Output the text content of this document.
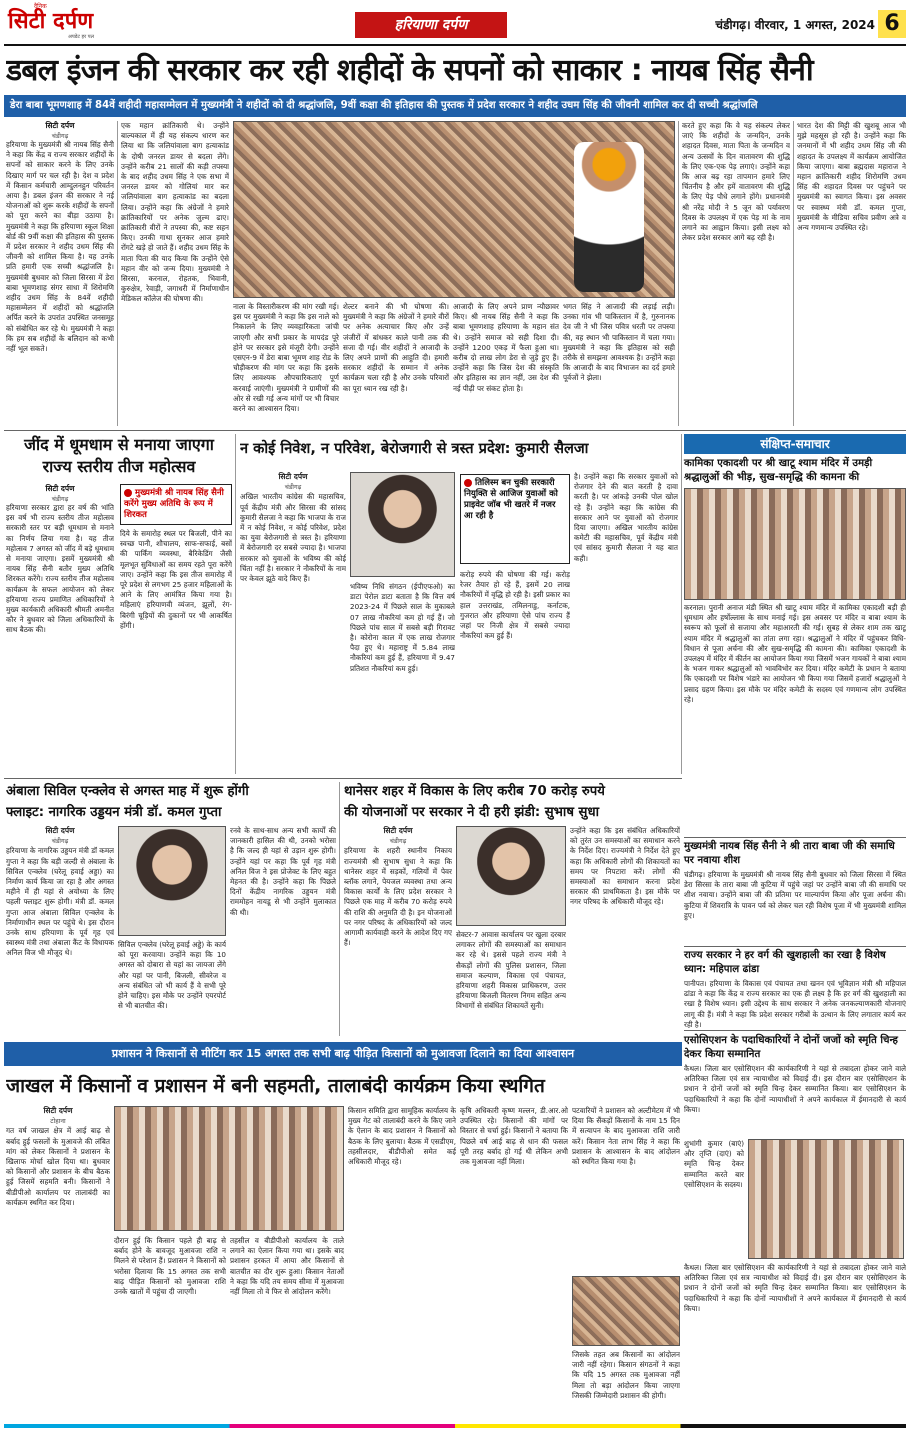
दैनिक
सिटी दर्पण
अपडेट हर पल
हरियाणा दर्पण	चंडीगढ़। वीरवार, 1 अगस्त, 2024 6
डबल इंजन की सरकार कर रही शहीदों के सपनों को साकार : नायब सिंह सैनी
डेरा बाबा भूमणशाह में 84वें शहीदी महासम्मेलन में मुख्यमंत्री ने शहीदों को दी श्रद्धांजलि, 9वीं कक्षा की इतिहास की पुस्तक में प्रदेश सरकार ने शहीद उधम सिंह की जीवनी शामिल कर दी सच्ची श्रद्धांजलि
सिटी दर्पण
चंडीगढ़
हरियाणा के मुख्यमंत्री श्री नायब सिंह सैनी ने कहा कि केंद्र व राज्य सरकार शहीदों के सपनों को साकार करने के लिए उनके दिखाए मार्ग पर चल रही है। देश व प्रदेश में किसान कर्मचारी आम्दुलनहुन परिवर्तन आया है। डबल इंजन की सरकार ने नई योजनाओं को शुरू करके शहीदों के सपनों को पूरा करने का बीड़ा उठाया है। मुख्यमंत्री ने कहा कि हरियाणा स्कूल शिक्षा बोर्ड की 9वीं कक्षा की इतिहास की पुस्तक में प्रदेश सरकार ने शहीद उधम सिंह की जीवनी को शामिल किया है। यह उनके प्रति हमारी एक सच्ची श्रद्धांजलि है। मुख्यमंत्री बुधवार को जिला सिरसा में डेरा बाबा भूमणशाह संगर साधा में शिरोमणि शहीद उधम सिंह के 84वें शहीदी महासम्मेलन में शहीदों को श्रद्धांजलि अर्पित करने के उपरांत उपस्थित जनसमूह को संबोधित कर रहे थे। मुख्यमंत्री ने कहा कि हम सब शहीदों के बलिदान को कभी नहीं भूल सकते।
एक महान क्रांतिकारी थे। उन्होंने बाल्यकाल में ही यह संकल्प धारण कर लिया था कि जलियांवाला बाग हत्याकांड के दोषी जनरल डायर से बदला लेंगे। उन्होंने करीब 21 सालों की कड़ी तपस्या के बाद शहीद उधम सिंह ने एक सभा में जनरल डायर को गोलियां मार कर जलियांवाला बाग हत्याकांड का बदला लिया। उन्होंने कहा कि अंग्रेजों ने हमारे क्रांतिकारियों पर अनेक जुल्म ढाए। क्रांतिकारी वीरों ने तपस्या की, कष्ट सहन किए। उनकी गाथा सुनकर आज हमारे रोंगटे खड़े हो जाते हैं। शहीद उधम सिंह के माता पिता की याद किया कि उन्होंने ऐसे महान वीर को जन्म दिया। मुख्यमंत्री ने सिरसा, करनाल, रोहतक, भिवानी, कुरुक्षेत्र, रेवाड़ी, जगाधरी में निर्माणाधीन मेडिकल कॉलेज की घोषणा की।
नाला के विस्तारीकरण की मांग रखी गई। इस पर मुख्यमंत्री ने कहा कि इस नाले को निकालने के लिए व्यवहारिकता जांची जाएगी और सभी प्रकार के मापदंड पूरे होने पर सरकार इसे मंजूरी देगी। उन्होंने एसएन-9 में डेरा बाबा भूमण शाह रोड के चौड़ीकरण की मांग पर कहा कि इसके लिए आवश्यक औपचारिकताएं पूर्ण करवाई जाएंगी। मुख्यमंत्री ने ग्रामीणों की ओर से रखी गई अन्य मांगों पर भी विचार करने का आश्वासन दिया।
शेल्टर बनाने की भी घोषणा की। मुख्यमंत्री ने कहा कि अंग्रेजों ने हमारे वीरों पर अनेक अत्याचार किए और उन्हें जंजीरों में बांधकर काले पानी तक की सजा दी गई। वीर शहीदों ने आजादी के लिए अपने प्राणों की आहुति दी। हमारी सरकार शहीदों के सम्मान में अनेक कार्यक्रम चला रही है और उनके परिवारों का पूरा ध्यान रख रही है।
आजादी के लिए अपने प्राण न्यौछावर किए। श्री नायब सिंह सैनी ने कहा कि बाबा भूमणशाह हरियाणा के महान संत थे। उन्होंने समाज को सही दिशा दी। उन्होंने 1200 एकड़ में फैला हुआ था। करीब दो लाख लोग डेरा से जुड़े हुए हैं। उन्होंने कहा कि जिस देश की संस्कृति और इतिहास का ज्ञान नहीं, उस देश की नई पीढ़ी पर संकट होता है।
भगत सिंह ने आजादी की लड़ाई लड़ी। उनका गांव भी पाकिस्तान में है, गुरुनानक देव जी ने भी जिस पवित्र धरती पर तपस्या की, वह स्थान भी पाकिस्तान में चला गया। मुख्यमंत्री ने कहा कि इतिहास को सही तरीके से समझना आवश्यक है। उन्होंने कहा कि आजादी के बाद विभाजन का दर्द हमारे पूर्वजों ने झेला।
करते हुए कहा कि वे यह संकल्प लेकर जाएं कि शहीदों के जन्मदिन, उनके शहादत दिवस, माता पिता के जन्मदिन व अन्य उत्सवों के दिन वातावरण की शुद्धि के लिए एक-एक पेड़ लगाएं। उन्होंने कहा कि आज बढ़ रहा तापमान हमारे लिए चिंतनीय है और हमें वातावरण की शुद्धि के लिए पेड़ पौधे लगाने होंगे। प्रधानमंत्री श्री नरेंद्र मोदी ने 5 जून को पर्यावरण दिवस के उपलक्ष्य में एक पेड़ मां के नाम लगाने का आह्वान किया। इसी लक्ष्य को लेकर प्रदेश सरकार आगे बढ़ रही है।
भारत देश की मिट्टी की खुशबू आज भी मुझे महसूस हो रही है। उन्होंने कहा कि जनमानों में भी शहीद उधम सिंह जी की शहादत के उपलक्ष्य में कार्यक्रम आयोजित किया जाएगा। बाबा ब्रह्मदास महाराज ने महान क्रांतिकारी शहीद शिरोमणि उधम सिंह की शहादत दिवस पर पहुंचने पर मुख्यमंत्री का स्वागत किया। इस अवसर पर स्वास्थ्य मंत्री डॉ. कमल गुप्ता, मुख्यमंत्री के मीडिया सचिव प्रवीण अत्रे व अन्य गणमान्य उपस्थित रहे।
जींद में धूमधाम से मनाया जाएगा
राज्य स्तरीय तीज महोत्सव
सिटी दर्पण
चंडीगढ़
हरियाणा सरकार द्वारा हर वर्ष की भांति इस वर्ष भी राज्य स्तरीय तीज महोत्सव सरकारी स्तर पर बड़ी धूमधाम से मनाने का निर्णय लिया गया है। यह तीज महोत्सव 7 अगस्त को जींद में बड़े धूमधाम से मनाया जाएगा। इसमें मुख्यमंत्री श्री नायब सिंह सैनी बतौर मुख्य अतिथि शिरकत करेंगे। राज्य स्तरीय तीज महोत्सव कार्यक्रम के सफल आयोजन को लेकर हरियाणा राज्य प्रमाणित अधिकारियों ने मुख्य कार्यकारी अधिकारी श्रीमती अमनीत कौर ने बुधवार को जिला अधिकारियों के साथ बैठक की।
मुख्यमंत्री श्री नायब सिंह सैनी करेंगे मुख्य अतिथि के रूप में शिरकत
दिये के समारोह स्थल पर बिजली, पीने का स्वच्छ पानी, शौचालय, साफ-सफाई, बसों की पार्किंग व्यवस्था, बैरिकेडिंग जैसी मूलभूत सुविधाओं का समय रहते पूरा करेंगे जाए। उन्होंने कहा कि इस तीज समारोह में पूरे प्रदेश से लगभग 25 हजार महिलाओं के आने के लिए आमंत्रित किया गया है। महिलाएं हरियाणवी व्यंजन, झूलों, रंग-बिरंगी चूड़ियों की दुकानों पर भी आकर्षित होंगी।
न कोई निवेश, न परिवेश, बेरोजगारी से त्रस्त प्रदेश: कुमारी सैलजा
सिटी दर्पण
चंडीगढ़
अखिल भारतीय कांग्रेस की महासचिव, पूर्व केंद्रीय मंत्री और सिरसा की सांसद कुमारी सैलजा ने कहा कि भाजपा के राज में न कोई निवेश, न कोई परिवेश, प्रदेश का युवा बेरोजगारी से त्रस्त है। हरियाणा में बेरोजगारी दर सबसे ज्यादा है। भाजपा सरकार को युवाओं के भविष्य की कोई चिंता नहीं है। सरकार ने नौकरियों के नाम पर केवल झूठे वादे किए हैं।
भविष्य निधि संगठन (ईपीएफओ) का डाटा पेरोल डाटा बताता है कि वित्त वर्ष 2023-24 में पिछले साल के मुकाबले 07 लाख नौकरियां कम हो गई हैं। जो पिछले पांच साल में सबसे बड़ी गिरावट है। कोरोना काल में एक लाख रोजगार पैदा हुए थे। महाराष्ट्र में 5.84 लाख नौकरियां कम हुई हैं, हरियाणा में 9.47 प्रतिशत नौकरियां कम हुई।
तिलिस्म बन चुकी सरकारी नियुक्ति से आजिज युवाओं को प्राइवेट जॉब भी खतरे में नजर आ रही है
करोड़ रुपये की घोषणा की गई। करोड़ रेजर तैयार हो रहे हैं, इसमें 20 लाख नौकरियों में वृद्धि हो रही है। इसी प्रकार का हाल उत्तराखंड, तमिलनाडु, कर्नाटक, गुजरात और हरियाणा ऐसे पांच राज्य हैं जहां पर निजी क्षेत्र में सबसे ज्यादा नौकरियां कम हुई हैं।
है। उन्होंने कहा कि सरकार युवाओं को रोजगार देने की बात करती है दावा करती है। पर आंकड़े उनकी पोल खोल रहे हैं। उन्होंने कहा कि कांग्रेस की सरकार आने पर युवाओं को रोजगार दिया जाएगा। अखिल भारतीय कांग्रेस कमेटी की महासचिव, पूर्व केंद्रीय मंत्री एवं सांसद कुमारी सैलजा ने यह बात कही।
संक्षिप्त-समाचार
कामिका एकादशी पर श्री खाटू श्याम मंदिर में उमड़ी श्रद्धालुओं की भीड़, सुख-समृद्धि की कामना की
करनाल। पुरानी अनाज मंडी स्थित श्री खाटू श्याम मंदिर में कामिका एकादशी बड़ी ही धूमधाम और हर्षोल्लास के साथ मनाई गई। इस अवसर पर मंदिर व बाबा श्याम के स्वरूप को फूलों से सजाया और महाआरती की गई। सुबह से लेकर शाम तक खाटू श्याम मंदिर में श्रद्धालुओं का तांता लगा रहा। श्रद्धालुओं ने मंदिर में पहुंचकर विधि-विधान से पूजा अर्चना की और सुख-समृद्धि की कामना की। कामिका एकादशी के उपलक्ष्य में मंदिर में कीर्तन का आयोजन किया गया जिसमें भजन गायकों ने बाबा श्याम के भजन गाकर श्रद्धालुओं को भावविभोर कर दिया। मंदिर कमेटी के प्रधान ने बताया कि एकादशी पर विशेष भंडारे का आयोजन भी किया गया जिसमें हजारों श्रद्धालुओं ने प्रसाद ग्रहण किया। इस मौके पर मंदिर कमेटी के सदस्य एवं गणमान्य लोग उपस्थित रहे।
मुख्यमंत्री नायब सिंह सैनी ने श्री तारा बाबा जी की समाधि पर नवाया शीश
चंडीगढ़। हरियाणा के मुख्यमंत्री श्री नायब सिंह सैनी बुधवार को जिला सिरसा में स्थित डेरा सिरसा के तारा बाबा जी कुटिया में पहुंचे जहां पर उन्होंने बाबा जी की समाधि पर शीश नवाया। उन्होंने बाबा जी की प्रतिमा पर माल्यार्पण किया और पूजा अर्चना की। कुटिया में शिवरात्रि के पावन पर्व को लेकर चल रही विशेष पूजा में भी मुख्यमंत्री शामिल हुए।
राज्य सरकार ने हर वर्ग की खुशहाली का रखा है विशेष ध्यान: महिपाल ढांडा
पानीपत। हरियाणा के विकास एवं पंचायत तथा खनन एवं भूविज्ञान मंत्री श्री महिपाल ढांडा ने कहा कि केंद्र व राज्य सरकार का एक ही लक्ष्य है कि हर वर्ग की खुशहाली का रखा है विशेष ध्यान। इसी उद्देश्य के साथ सरकार ने अनेक जनकल्याणकारी योजनाएं लागू की हैं। मंत्री ने कहा कि प्रदेश सरकार गरीबों के उत्थान के लिए लगातार कार्य कर रही है।
अंबाला सिविल एन्क्लेव से अगस्त माह में शुरू होंगी
फ्लाइट: नागरिक उड्डयन मंत्री डॉ. कमल गुप्ता
सिटी दर्पण
चंडीगढ़
हरियाणा के नागरिक उड्डयन मंत्री डॉ कमल गुप्ता ने कहा कि बड़ी जल्दी से अंबाला के सिविल एन्क्लेव (घरेलू हवाई अड्डा) का निर्माण कार्य किया जा रहा है और अगस्त महीने में ही यहां से अयोध्या के लिए पहली फ्लाइट शुरू होगी। मंत्री डॉ. कमल गुप्ता आज अंबाला सिविल एन्क्लेव के निर्माणाधीन स्थल पर पहुंचे थे। इस दौरान उनके साथ हरियाणा के पूर्व गृह एवं स्वास्थ्य मंत्री तथा अंबाला कैंट के विधायक अनिल विज भी मौजूद थे।
रनवे के साथ-साथ अन्य सभी कार्यों की जानकारी हासिल की थी, उनको भरोसा है कि जल्द ही यहां से उड़ान शुरू होगी। उन्होंने यहां पर कहा कि पूर्व गृह मंत्री अनिल विज ने इस प्रोजेक्ट के लिए बहुत मेहनत की है। उन्होंने कहा कि पिछले दिनों केंद्रीय नागरिक उड्डयन मंत्री राममोहन नायडू से भी उन्होंने मुलाकात की थी।
सिविल एन्क्लेव (घरेलू हवाई अड्डे) के कार्य को पूरा करवाया। उन्होंने कहा कि 10 अगस्त को दोबारा से यहां का जायजा लेंगे और यहां पर पानी, बिजली, सीवरेज व अन्य संबंधित जो भी कार्य हैं वे सभी पूरे होने चाहिए। इस मौके पर उन्होंने एयरपोर्ट से भी बातचीत की।
थानेसर शहर में विकास के लिए करीब 70 करोड़ रुपये
की योजनाओं पर सरकार ने दी हरी झंडी: सुभाष सुधा
सिटी दर्पण
चंडीगढ़
हरियाणा के शहरी स्थानीय निकाय राज्यमंत्री श्री सुभाष सुधा ने कहा कि थानेसर शहर में सड़कों, गलियों में पेवर ब्लॉक लगाने, पेयजल व्यवस्था तथा अन्य विकास कार्यों के लिए प्रदेश सरकार ने पिछले एक माह में करीब 70 करोड़ रुपये की राशि की अनुमति दी है। इन योजनाओं पर नगर परिषद के अधिकारियों को जल्द आगामी कार्यवाही करने के आदेश दिए गए हैं।
सेक्टर-7 आवास कार्यालय पर खुला दरबार लगाकर लोगों की समस्याओं का समाधान कर रहे थे। इससे पहले राज्य मंत्री ने सैकड़ों लोगों की पुलिस प्रशासन, जिला समाज कल्याण, विकास एवं पंचायत, हरियाणा शहरी विकास प्राधिकरण, उत्तर हरियाणा बिजली वितरण निगम सहित अन्य विभागों से संबंधित शिकायतें सुनी।
उन्होंने कहा कि इस संबंधित अधिकारियों को तुरंत उन समस्याओं का समाधान करने के निर्देश दिए। राज्यमंत्री ने निर्देश देते हुए कहा कि अधिकारी लोगों की शिकायतों का समय पर निपटारा करें। लोगों की समस्याओं का समाधान करना प्रदेश सरकार की प्राथमिकता है। इस मौके पर नगर परिषद के अधिकारी मौजूद रहे।
प्रशासन ने किसानों से मीटिंग कर 15 अगस्त तक सभी बाढ़ पीड़ित किसानों को मुआवजा दिलाने का दिया आश्वासन
जाखल में किसानों व प्रशासन में बनी सहमती, तालाबंदी कार्यक्रम किया स्थगित
एसोसिएशन के पदाधिकारियों ने दोनों जजों को स्मृति चिन्ह देकर किया सम्मानित
कैथल। जिला बार एसोसिएशन की कार्यकारिणी ने यहां से तबादला होकर जाने वाले अतिरिक्त जिला एवं सत्र न्यायाधीश को विदाई दी। इस दौरान बार एसोसिएशन के प्रधान ने दोनों जजों को स्मृति चिन्ह देकर सम्मानित किया। बार एसोसिएशन के पदाधिकारियों ने कहा कि दोनों न्यायाधीशों ने अपने कार्यकाल में ईमानदारी से कार्य किया।
शुभांगी कुमार (बाएं) और तृप्ति (दाएं) को स्मृति चिन्ह देकर सम्मानित करते बार एसोसिएशन के सदस्य।
कैथल। जिला बार एसोसिएशन की कार्यकारिणी ने यहां से तबादला होकर जाने वाले अतिरिक्त जिला एवं सत्र न्यायाधीश को विदाई दी। इस दौरान बार एसोसिएशन के प्रधान ने दोनों जजों को स्मृति चिन्ह देकर सम्मानित किया। बार एसोसिएशन के पदाधिकारियों ने कहा कि दोनों न्यायाधीशों ने अपने कार्यकाल में ईमानदारी से कार्य किया।
सिटी दर्पण
टोहाना
गत वर्ष जाखल क्षेत्र में आई बाढ़ से बर्बाद हुई फसलों के मुआवजे की लंबित मांग को लेकर किसानों ने प्रशासन के खिलाफ मोर्चा खोल दिया था। बुधवार को किसानों और प्रशासन के बीच बैठक हुई जिसमें सहमति बनी। किसानों ने बीडीपीओ कार्यालय पर तालाबंदी का कार्यक्रम स्थगित कर दिया।
दौरान हुई कि किसान पहले ही बाढ़ से बर्बाद होने के बावजूद मुआवजा राशि न मिलने से परेशान हैं। प्रशासन ने किसानों को भरोसा दिलाया कि 15 अगस्त तक सभी बाढ़ पीड़ित किसानों को मुआवजा राशि उनके खातों में पहुंचा दी जाएगी।
तहसील व बीडीपीओ कार्यालय के ताले लगाने का ऐलान किया गया था। इसके बाद प्रशासन हरकत में आया और किसानों से बातचीत का दौर शुरू हुआ। किसान नेताओं ने कहा कि यदि तय समय सीमा में मुआवजा नहीं मिला तो वे फिर से आंदोलन करेंगे।
किसान समिति द्वारा सामूहिक कार्यालय के मुख्य गेट को तालाबंदी करने के किए जाने के ऐलान के बाद प्रशासन ने किसानों को बैठक के लिए बुलाया। बैठक में एसडीएम, तहसीलदार, बीडीपीओ समेत कई अधिकारी मौजूद रहे।
कृषि अधिकारी कृष्ण मल्लन, डी.आर.ओ उपस्थित रहे। किसानों की मांगों पर विस्तार से चर्चा हुई। किसानों ने बताया कि पिछले वर्ष आई बाढ़ से धान की फसल पूरी तरह बर्बाद हो गई थी लेकिन अभी तक मुआवजा नहीं मिला।
पटवारियों ने प्रशासन को अल्टीमेटम में भी दिया कि सैंकड़ों किसानों के नाम 15 दिन में सत्यापन के बाद मुआवजा राशि जारी करें। किसान नेता लाभ सिंह ने कहा कि प्रशासन के आश्वासन के बाद आंदोलन को स्थगित किया गया है।
जिसके तहत अब किसानों का आंदोलन जारी नहीं रहेगा। किसान संगठनों ने कहा कि यदि 15 अगस्त तक मुआवजा नहीं मिला तो बड़ा आंदोलन किया जाएगा जिसकी जिम्मेदारी प्रशासन की होगी।
